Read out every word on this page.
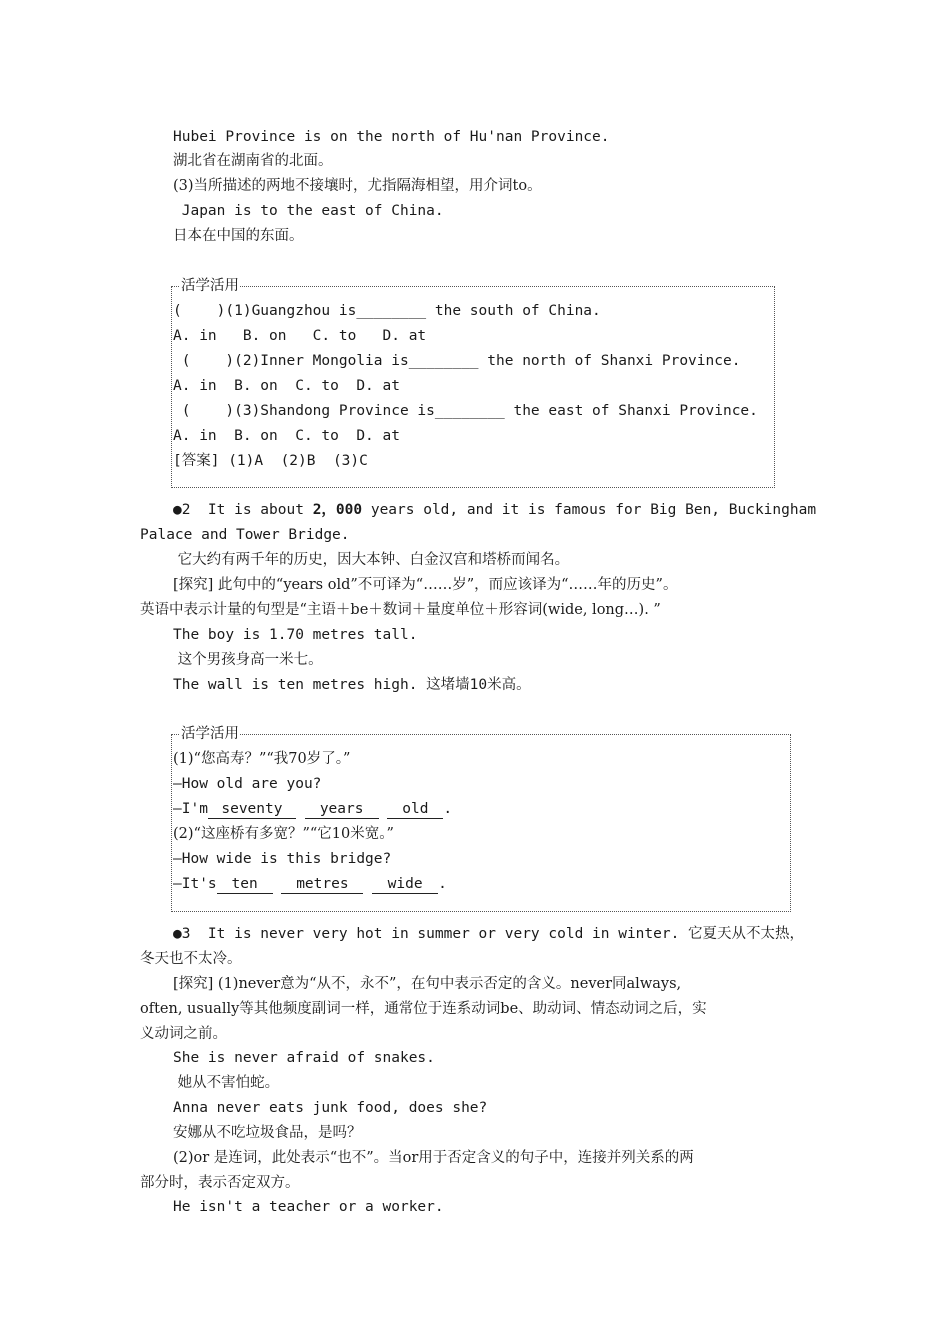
Hubei Province is on the north of Hu'nan Province.
湖北省在湖南省的北面。
(3)当所描述的两地不接壤时，尤指隔海相望，用介词to。
Japan is to the east of China.
日本在中国的东面。
活学活用
(    )(1)Guangzhou is________ the south of China.
A. in   B. on   C. to   D. at
(    )(2)Inner Mongolia is________ the north of Shanxi Province.
A. in  B. on  C. to  D. at
(    )(3)Shandong Province is________ the east of Shanxi Province.
A. in  B. on  C. to  D. at
[答案] (1)A  (2)B  (3)C
●2  It is about 2，000 years old, and it is famous for Big Ben, Buckingham
Palace and Tower Bridge.
它大约有两千年的历史，因大本钟、白金汉宫和塔桥而闻名。
[探究] 此句中的“years old”不可译为“……岁”，而应该译为“……年的历史”。
英语中表示计量的句型是“主语＋be＋数词＋量度单位＋形容词(wide, long…). ”
The boy is 1.70 metres tall.
这个男孩身高一米七。
The wall is ten metres high. 这堵墙10米高。
活学活用
(1)“您高寿？”“我70岁了。”
—How old are you?
—I'm seventy	years	old .
(2)“这座桥有多宽？”“它10米宽。”
—How wide is this bridge?
—It's ten	metres	wide .
●3  It is never very hot in summer or very cold in winter. 它夏天从不太热，
冬天也不太冷。
[探究] (1)never意为“从不，永不”，在句中表示否定的含义。never同always,
often, usually等其他频度副词一样，通常位于连系动词be、助动词、情态动词之后，实
义动词之前。
She is never afraid of snakes.
她从不害怕蛇。
Anna never eats junk food, does she?
安娜从不吃垃圾食品，是吗？
(2)or 是连词，此处表示“也不”。当or用于否定含义的句子中，连接并列关系的两
部分时，表示否定双方。
He isn't a teacher or a worker.
